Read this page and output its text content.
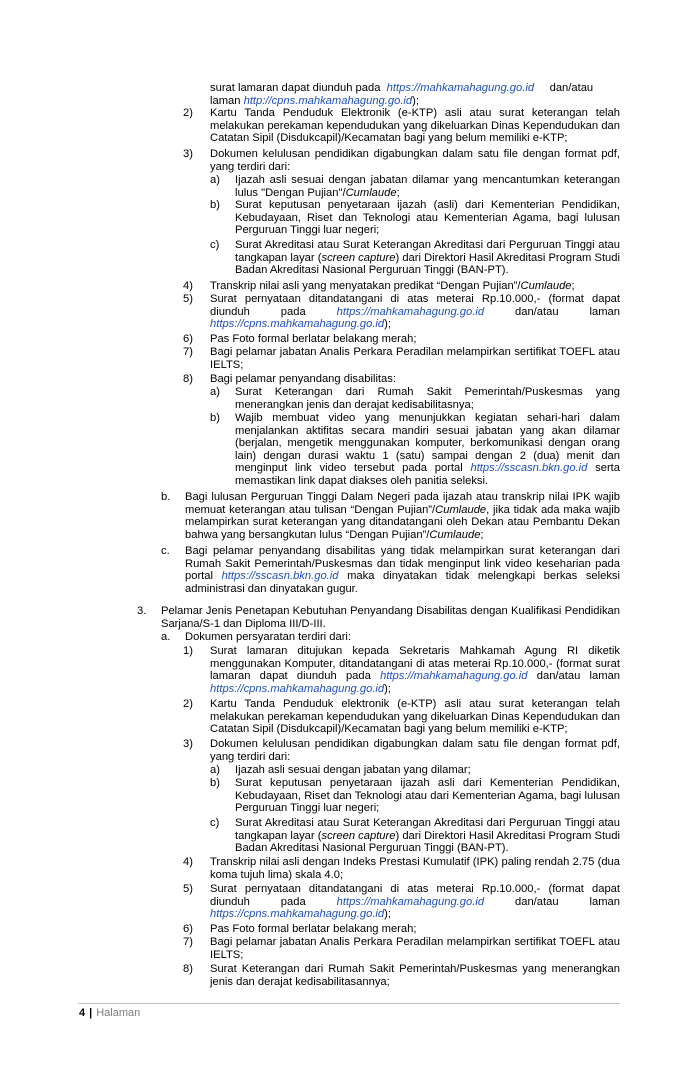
surat lamaran dapat diunduh pada https://mahkamahagung.go.id dan/atau
laman http://cpns.mahkamahagung.go.id);
2) Kartu Tanda Penduduk Elektronik (e-KTP) asli atau surat keterangan telah melakukan perekaman kependudukan yang dikeluarkan Dinas Kependudukan dan Catatan Sipil (Disdukcapil)/Kecamatan bagi yang belum memiliki e-KTP;
3) Dokumen kelulusan pendidikan digabungkan dalam satu file dengan format pdf, yang terdiri dari:
a) Ijazah asli sesuai dengan jabatan dilamar yang mencantumkan keterangan lulus "Dengan Pujian"/Cumlaude;
b) Surat keputusan penyetaraan ijazah (asli) dari Kementerian Pendidikan, Kebudayaan, Riset dan Teknologi atau Kementerian Agama, bagi lulusan Perguruan Tinggi luar negeri;
c) Surat Akreditasi atau Surat Keterangan Akreditasi dari Perguruan Tinggi atau tangkapan layar (screen capture) dari Direktori Hasil Akreditasi Program Studi Badan Akreditasi Nasional Perguruan Tinggi (BAN-PT).
4) Transkrip nilai asli yang menyatakan predikat “Dengan Pujian”/Cumlaude;
5) Surat pernyataan ditandatangani di atas meterai Rp.10.000,- (format dapat diunduh pada	https://mahkamahagung.go.id	dan/atau laman https://cpns.mahkamahagung.go.id);
6) Pas Foto formal berlatar belakang merah;
7) Bagi pelamar jabatan Analis Perkara Peradilan melampirkan sertifikat TOEFL atau IELTS;
8) Bagi pelamar penyandang disabilitas:
a) Surat Keterangan dari Rumah Sakit Pemerintah/Puskesmas yang menerangkan jenis dan derajat kedisabilitasnya;
b) Wajib membuat video yang menunjukkan kegiatan sehari-hari dalam menjalankan aktifitas secara mandiri sesuai jabatan yang akan dilamar (berjalan, mengetik menggunakan komputer, berkomunikasi dengan orang lain) dengan durasi waktu 1 (satu) sampai dengan 2 (dua) menit dan menginput link video tersebut pada portal https://sscasn.bkn.go.id serta memastikan link dapat diakses oleh panitia seleksi.
b. Bagi lulusan Perguruan Tinggi Dalam Negeri pada ijazah atau transkrip nilai IPK wajib memuat keterangan atau tulisan “Dengan Pujian”/Cumlaude, jika tidak ada maka wajib melampirkan surat keterangan yang ditandatangani oleh Dekan atau Pembantu Dekan bahwa yang bersangkutan lulus “Dengan Pujian”/Cumlaude;
c. Bagi pelamar penyandang disabilitas yang tidak melampirkan surat keterangan dari Rumah Sakit Pemerintah/Puskesmas dan tidak menginput link video keseharian pada portal https://sscasn.bkn.go.id maka dinyatakan tidak melengkapi berkas seleksi administrasi dan dinyatakan gugur.
3. Pelamar Jenis Penetapan Kebutuhan Penyandang Disabilitas dengan Kualifikasi Pendidikan Sarjana/S-1 dan Diploma III/D-III.
a. Dokumen persyaratan terdiri dari:
1) Surat lamaran ditujukan kepada Sekretaris Mahkamah Agung RI diketik menggunakan Komputer, ditandatangani di atas meterai Rp.10.000,- (format surat lamaran dapat diunduh pada https://mahkamahagung.go.id dan/atau laman https://cpns.mahkamahagung.go.id);
2) Kartu Tanda Penduduk elektronik (e-KTP) asli atau surat keterangan telah melakukan perekaman kependudukan yang dikeluarkan Dinas Kependudukan dan Catatan Sipil (Disdukcapil)/Kecamatan bagi yang belum memiliki e-KTP;
3) Dokumen kelulusan pendidikan digabungkan dalam satu file dengan format pdf, yang terdiri dari:
a) Ijazah asli sesuai dengan jabatan yang dilamar;
b) Surat keputusan penyetaraan ijazah asli dari Kementerian Pendidikan, Kebudayaan, Riset dan Teknologi atau dari Kementerian Agama, bagi lulusan Perguruan Tinggi luar negeri;
c) Surat Akreditasi atau Surat Keterangan Akreditasi dari Perguruan Tinggi atau tangkapan layar (screen capture) dari Direktori Hasil Akreditasi Program Studi Badan Akreditasi Nasional Perguruan Tinggi (BAN-PT).
4) Transkrip nilai asli dengan Indeks Prestasi Kumulatif (IPK) paling rendah 2.75 (dua koma tujuh lima) skala 4.0;
5) Surat pernyataan ditandatangani di atas meterai Rp.10.000,- (format dapat diunduh pada	https://mahkamahagung.go.id	dan/atau laman https://cpns.mahkamahagung.go.id);
6) Pas Foto formal berlatar belakang merah;
7) Bagi pelamar jabatan Analis Perkara Peradilan melampirkan sertifikat TOEFL atau IELTS;
8) Surat Keterangan dari Rumah Sakit Pemerintah/Puskesmas yang menerangkan jenis dan derajat kedisabilitasannya;
4 | Halaman
